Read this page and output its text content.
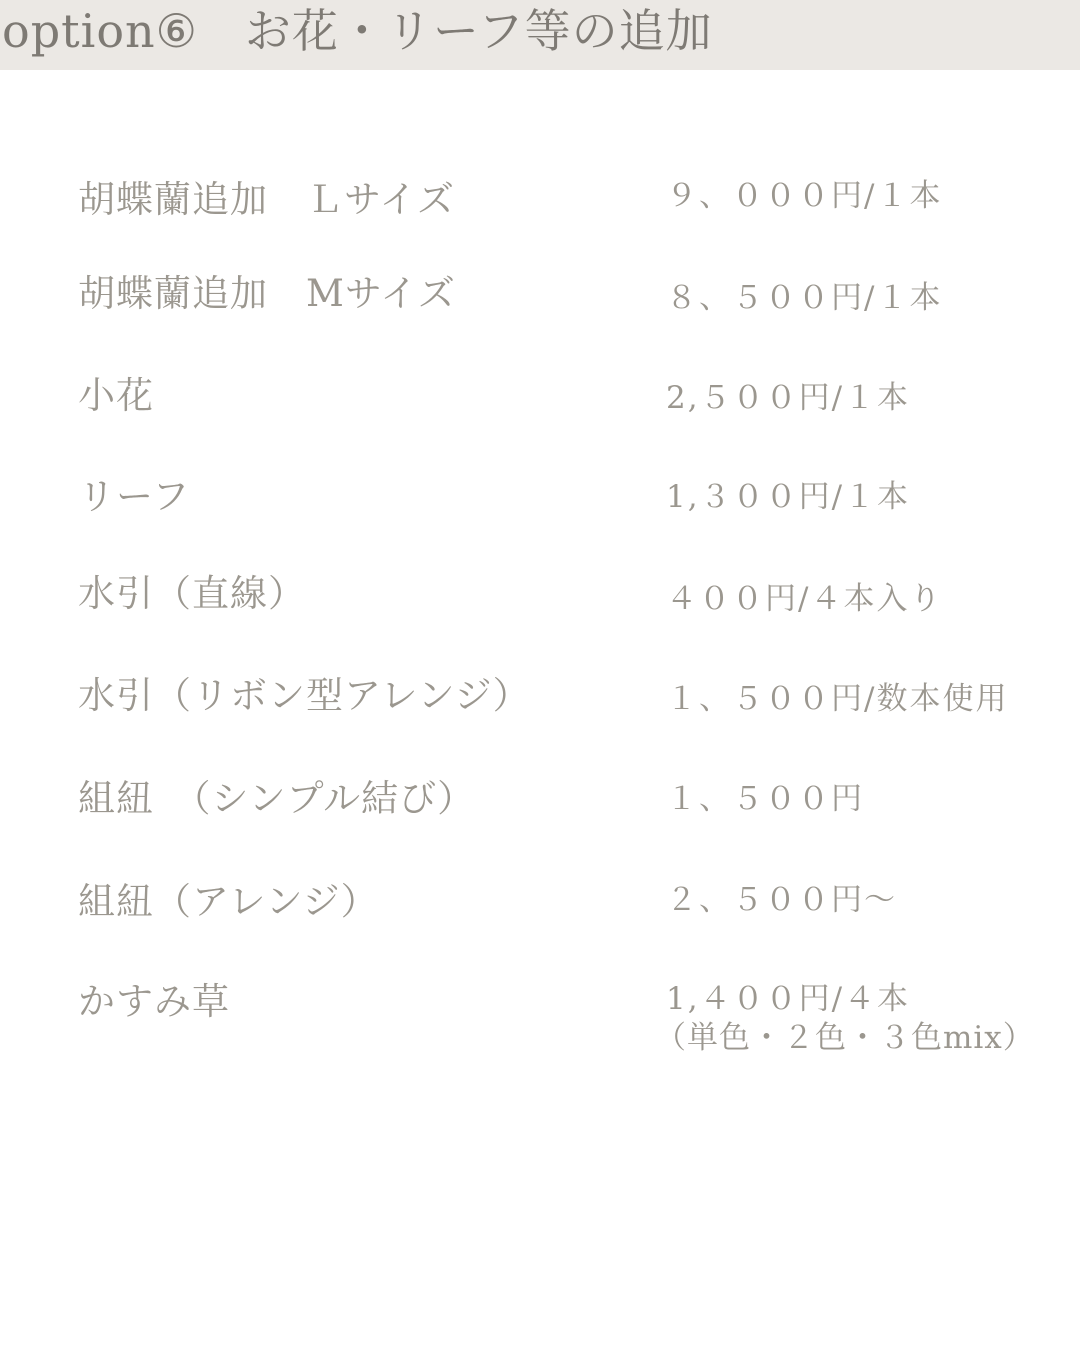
option⑥　お花・リーフ等の追加
胡蝶蘭追加　Ｌサイズ	９、０００円/１本
胡蝶蘭追加　Mサイズ	８、５００円/１本
小花	2,５００円/１本
リーフ	1,３００円/１本
水引（直線）	４００円/４本入り
水引（リボン型アレンジ）	１、５００円/数本使用
組紐　（シンプル結び）	１、５００円
組紐（アレンジ）	２、５００円〜
かすみ草	1,４００円/４本
（単色・２色・３色mix）
